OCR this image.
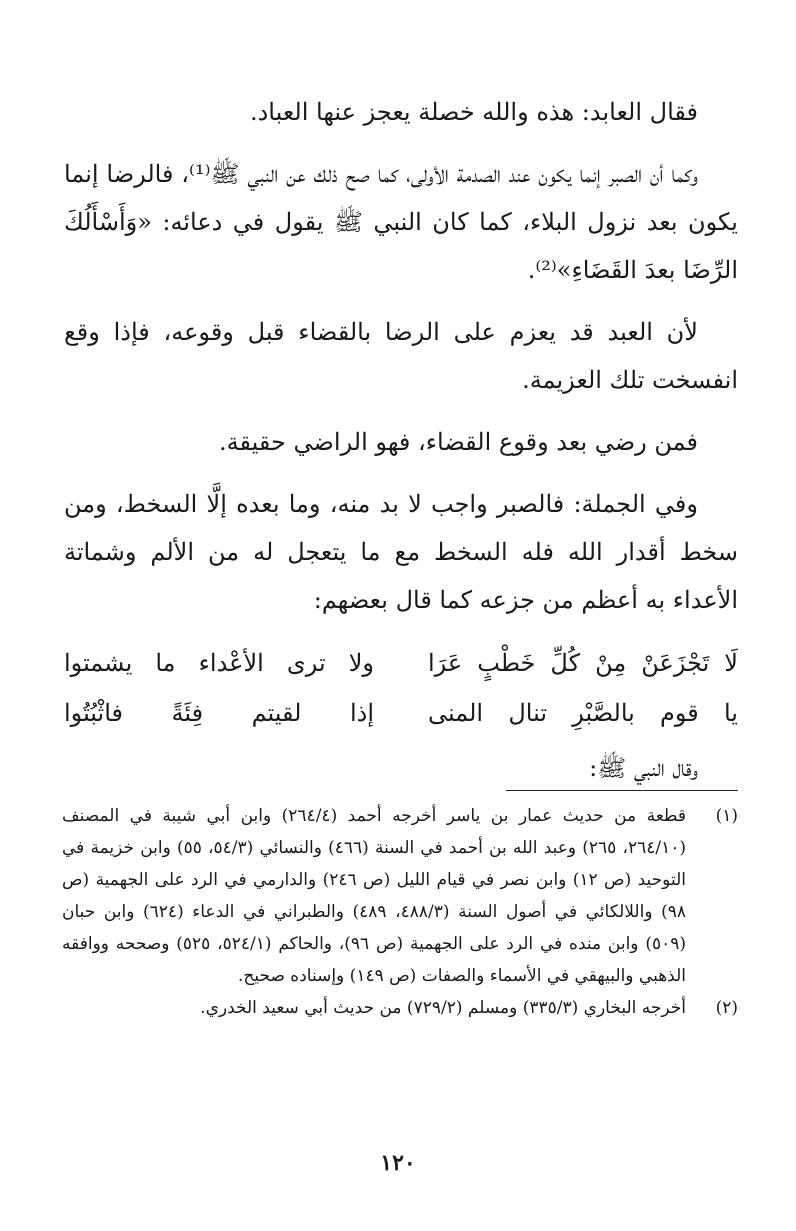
فقال العابد: هذه والله خصلة يعجز عنها العباد.

وكما أن الصبر إنما يكون عند الصدمة الأولى، كما صح ذلك عن النبي ﷺ⁽¹⁾، فالرضا إنما يكون بعد نزول البلاء، كما كان النبي ﷺ يقول في دعائه: «وَأَسْأَلُكَ الرِّضَا بعدَ القَضَاءِ»⁽²⁾.

لأن العبد قد يعزم على الرضا بالقضاء قبل وقوعه، فإذا وقع انفسخت تلك العزيمة.

فمن رضي بعد وقوع القضاء، فهو الراضي حقيقة.

وفي الجملة: فالصبر واجب لا بد منه، وما بعده إلَّا السخط، ومن سخط أقدار الله فله السخط مع ما يتعجل له من الألم وشماتة الأعداء به أعظم من جزعه كما قال بعضهم:

لَا تَجْزَعَنْ مِنْ كُلِّ خَطْبٍ عَرَا
ولا ترى الأعْداء ما يشمتوا
يا قوم بالصَّبْرِ تنال المنى
إذا لقيتم فِئَةً فاثْبُتُوا

وقال النبي ﷺ:

(١)
قطعة من حديث عمار بن ياسر أخرجه أحمد (٢٦٤/٤) وابن أبي شيبة في المصنف (٢٦٤/١٠، ٢٦٥) وعبد الله بن أحمد في السنة (٤٦٦) والنسائي (٥٤/٣، ٥٥) وابن خزيمة في التوحيد (ص ١٢) وابن نصر في قيام الليل (ص ٢٤٦) والدارمي في الرد على الجهمية (ص ٩٨) واللالكائي في أصول السنة (٤٨٨/٣، ٤٨٩) والطبراني في الدعاء (٦٢٤) وابن حبان (٥٠٩) وابن منده في الرد على الجهمية (ص ٩٦)، والحاكم (٥٢٤/١، ٥٢٥) وصححه ووافقه الذهبي والبيهقي في الأسماء والصفات (ص ١٤٩) وإسناده صحيح.
(٢)
أخرجه البخاري (٣٣٥/٣) ومسلم (٧٢٩/٢) من حديث أبي سعيد الخدري.
١٢٠
